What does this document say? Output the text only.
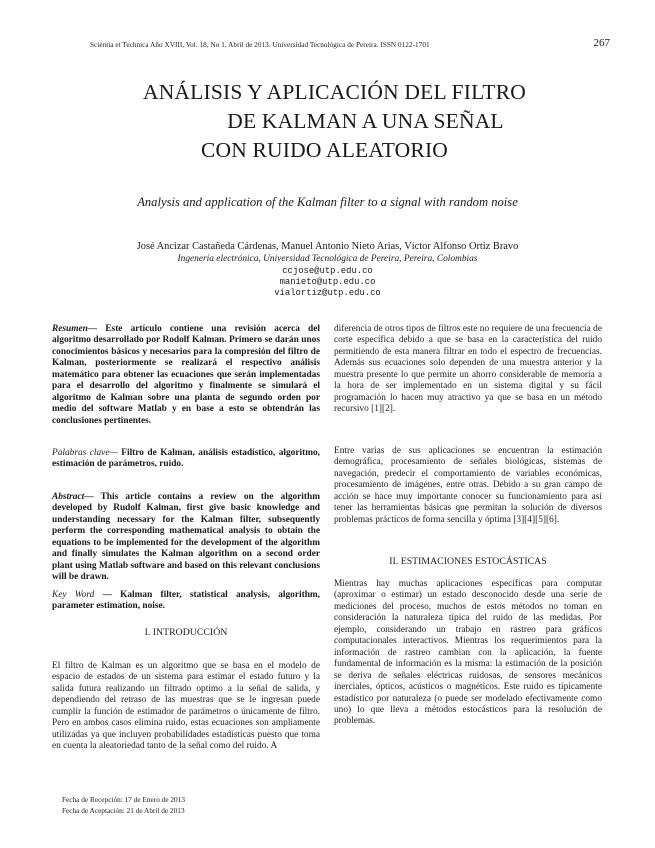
Scientia et Technica Año XVIII, Vol. 18, No 1, Abril de 2013. Universidad Tecnológica de Pereira. ISSN 0122-1701	267
ANÁLISIS Y APLICACIÓN DEL FILTRO
DE KALMAN A UNA SEÑAL
CON RUIDO ALEATORIO
Analysis and application of the Kalman filter to a signal with random noise
José Ancizar Castañeda Cárdenas, Manuel Antonio Nieto Arias, Víctor Alfonso Ortiz Bravo
Ingeneria electrónica, Universidad Tecnológica de Pereira, Pereira, Colombias
ccjose@utp.edu.co
manieto@utp.edu.co
vialortiz@utp.edu.co

Resumen— Este artículo contiene una revisión acerca del algoritmo desarrollado por Rodolf Kalman. Primero se darán unos conocimientos básicos y necesarios para la compresión del filtro de Kalman, posteriormente se realizará el respectivo análisis matemático para obtener las ecuaciones que serán implementadas para el desarrollo del algoritmo y finalmente se simulará el algoritmo de Kalman sobre una planta de segundo orden por medio del software Matlab y en base a esto se obtendrán las conclusiones pertinentes.

Palabras clave— Filtro de Kalman, análisis estadístico, algoritmo, estimación de parámetros, ruido.

Abstract— This article contains a review on the algorithm developed by Rudolf Kalman, first give basic knowledge and understanding necessary for the Kalman filter, subsequently perform the corresponding mathematical analysis to obtain the equations to be implemented for the development of the algorithm and finally simulates the Kalman algorithm on a second order plant using Matlab software and based on this relevant conclusions will be drawn.

Key Word — Kalman filter, statistical analysis, algorithm, parameter estimation, noise.

I. INTRODUCCIÓN

El filtro de Kalman es un algoritmo que se basa en el modelo de espacio de estados de un sistema para estimar el estado futuro y la salida futura realizando un filtrado optimo a la señal de salida, y dependiendo del retraso de las muestras que se le ingresan puede cumplir la función de estimador de parámetros o únicamente de filtro. Pero en ambos casos elimina ruido, estas ecuaciones son ampliamente utilizadas ya que incluyen probabilidades estadísticas puesto que toma en cuenta la aleatoriedad tanto de la señal como del ruido. A

diferencia de otros tipos de filtros este no requiere de una frecuencia de corte específica debido a que se basa en la característica del ruido permitiendo de esta manera filtrar en todo el espectro de frecuencias. Además sus ecuaciones solo dependen de una muestra anterior y la muestra presente lo que permite un ahorro considerable de memoria a la hora de ser implementado en un sistema digital y su fácil programación lo hacen muy atractivo ya que se basa en un método recursivo [1][2].

Entre varias de sus aplicaciones se encuentran la estimación demográfica, procesamiento de señales biológicas, sistemas de navegación, predecir el comportamiento de variables económicas, procesamiento de imágenes, entre otras. Debido a su gran campo de acción se hace muy importante conocer su funcionamiento para así tener las herramientas básicas que permitan la solución de diversos problemas prácticos de forma sencilla y óptima [3][4][5][6].

II. ESTIMACIONES ESTOCÁSTICAS

Mientras hay muchas aplicaciones específicas para computar (aproximar o estimar) un estado desconocido desde una serie de mediciones del proceso, muchos de estos métodos no toman en consideración la naturaleza típica del ruido de las medidas. Por ejemplo, considerando un trabajo en rastreo para gráficos computacionales interactivos. Mientras los requerimientos para la información de rastreo cambian con la aplicación, la fuente fundamental de información es la misma: la estimación de la posición se deriva de señales eléctricas ruidosas, de sensores mecánicos inerciales, ópticos, acústicos o magnéticos. Este ruido es típicamente estadístico por naturaleza (o puede ser modelado efectivamente como uno) lo que lleva a métodos estocásticos para la resolución de problemas.

Fecha de Recepción: 17 de Enero de 2013
Fecha de Aceptación: 21 de Abril de 2013
